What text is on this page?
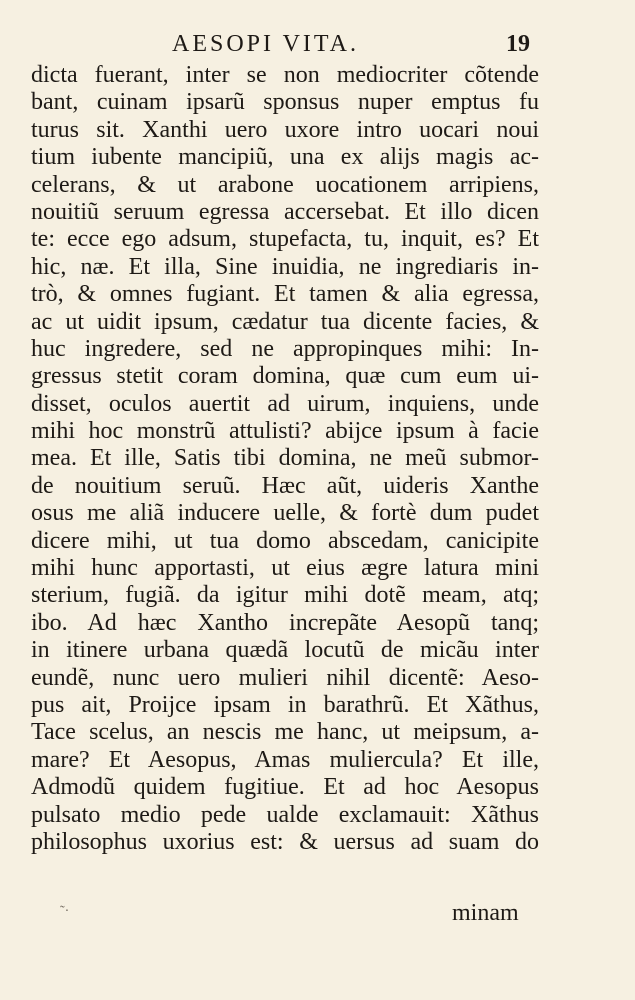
AESOPI VITA.	19
dicta fuerant, inter se non mediocriter cõtende
bant, cuinam ipsarũ sponsus nuper emptus fu
turus sit. Xanthi uero uxore intro uocari noui
tium iubente mancipiũ, una ex alijs magis ac-
celerans, & ut arabone uocationem arripiens,
nouitiũ seruum egressa accersebat. Et illo dicen
te: ecce ego adsum, stupefacta, tu, inquit, es? Et
hic, næ. Et illa, Sine inuidia, ne ingrediaris in-
trò, & omnes fugiant. Et tamen & alia egressa,
ac ut uidit ipsum, cædatur tua dicente facies, &
huc ingredere, sed ne appropinques mihi: In-
gressus stetit coram domina, quæ cum eum ui-
disset, oculos auertit ad uirum, inquiens, unde
mihi hoc monstrũ attulisti? abijce ipsum à facie
mea. Et ille, Satis tibi domina, ne meũ submor-
de nouitium seruũ. Hæc aũt, uideris Xanthe
osus me aliã inducere uelle, & fortè dum pudet
dicere mihi, ut tua domo abscedam, canicipite
mihi hunc apportasti, ut eius ægre latura mini
sterium, fugiã. da igitur mihi dotẽ meam, atq;
ibo. Ad hæc Xantho increpãte Aesopũ tanq;
in itinere urbana quædã locutũ de micãu inter
eundẽ, nunc uero mulieri nihil dicentẽ: Aeso-
pus ait, Proijce ipsam in barathrũ. Et Xãthus,
Tace scelus, an nescis me hanc, ut meipsum, a-
mare? Et Aesopus, Amas muliercula? Et ille,
Admodũ quidem fugitiue. Et ad hoc Aesopus
pulsato medio pede ualde exclamauit: Xãthus
philosophus uxorius est: & uersus ad suam do
˜·	minam
